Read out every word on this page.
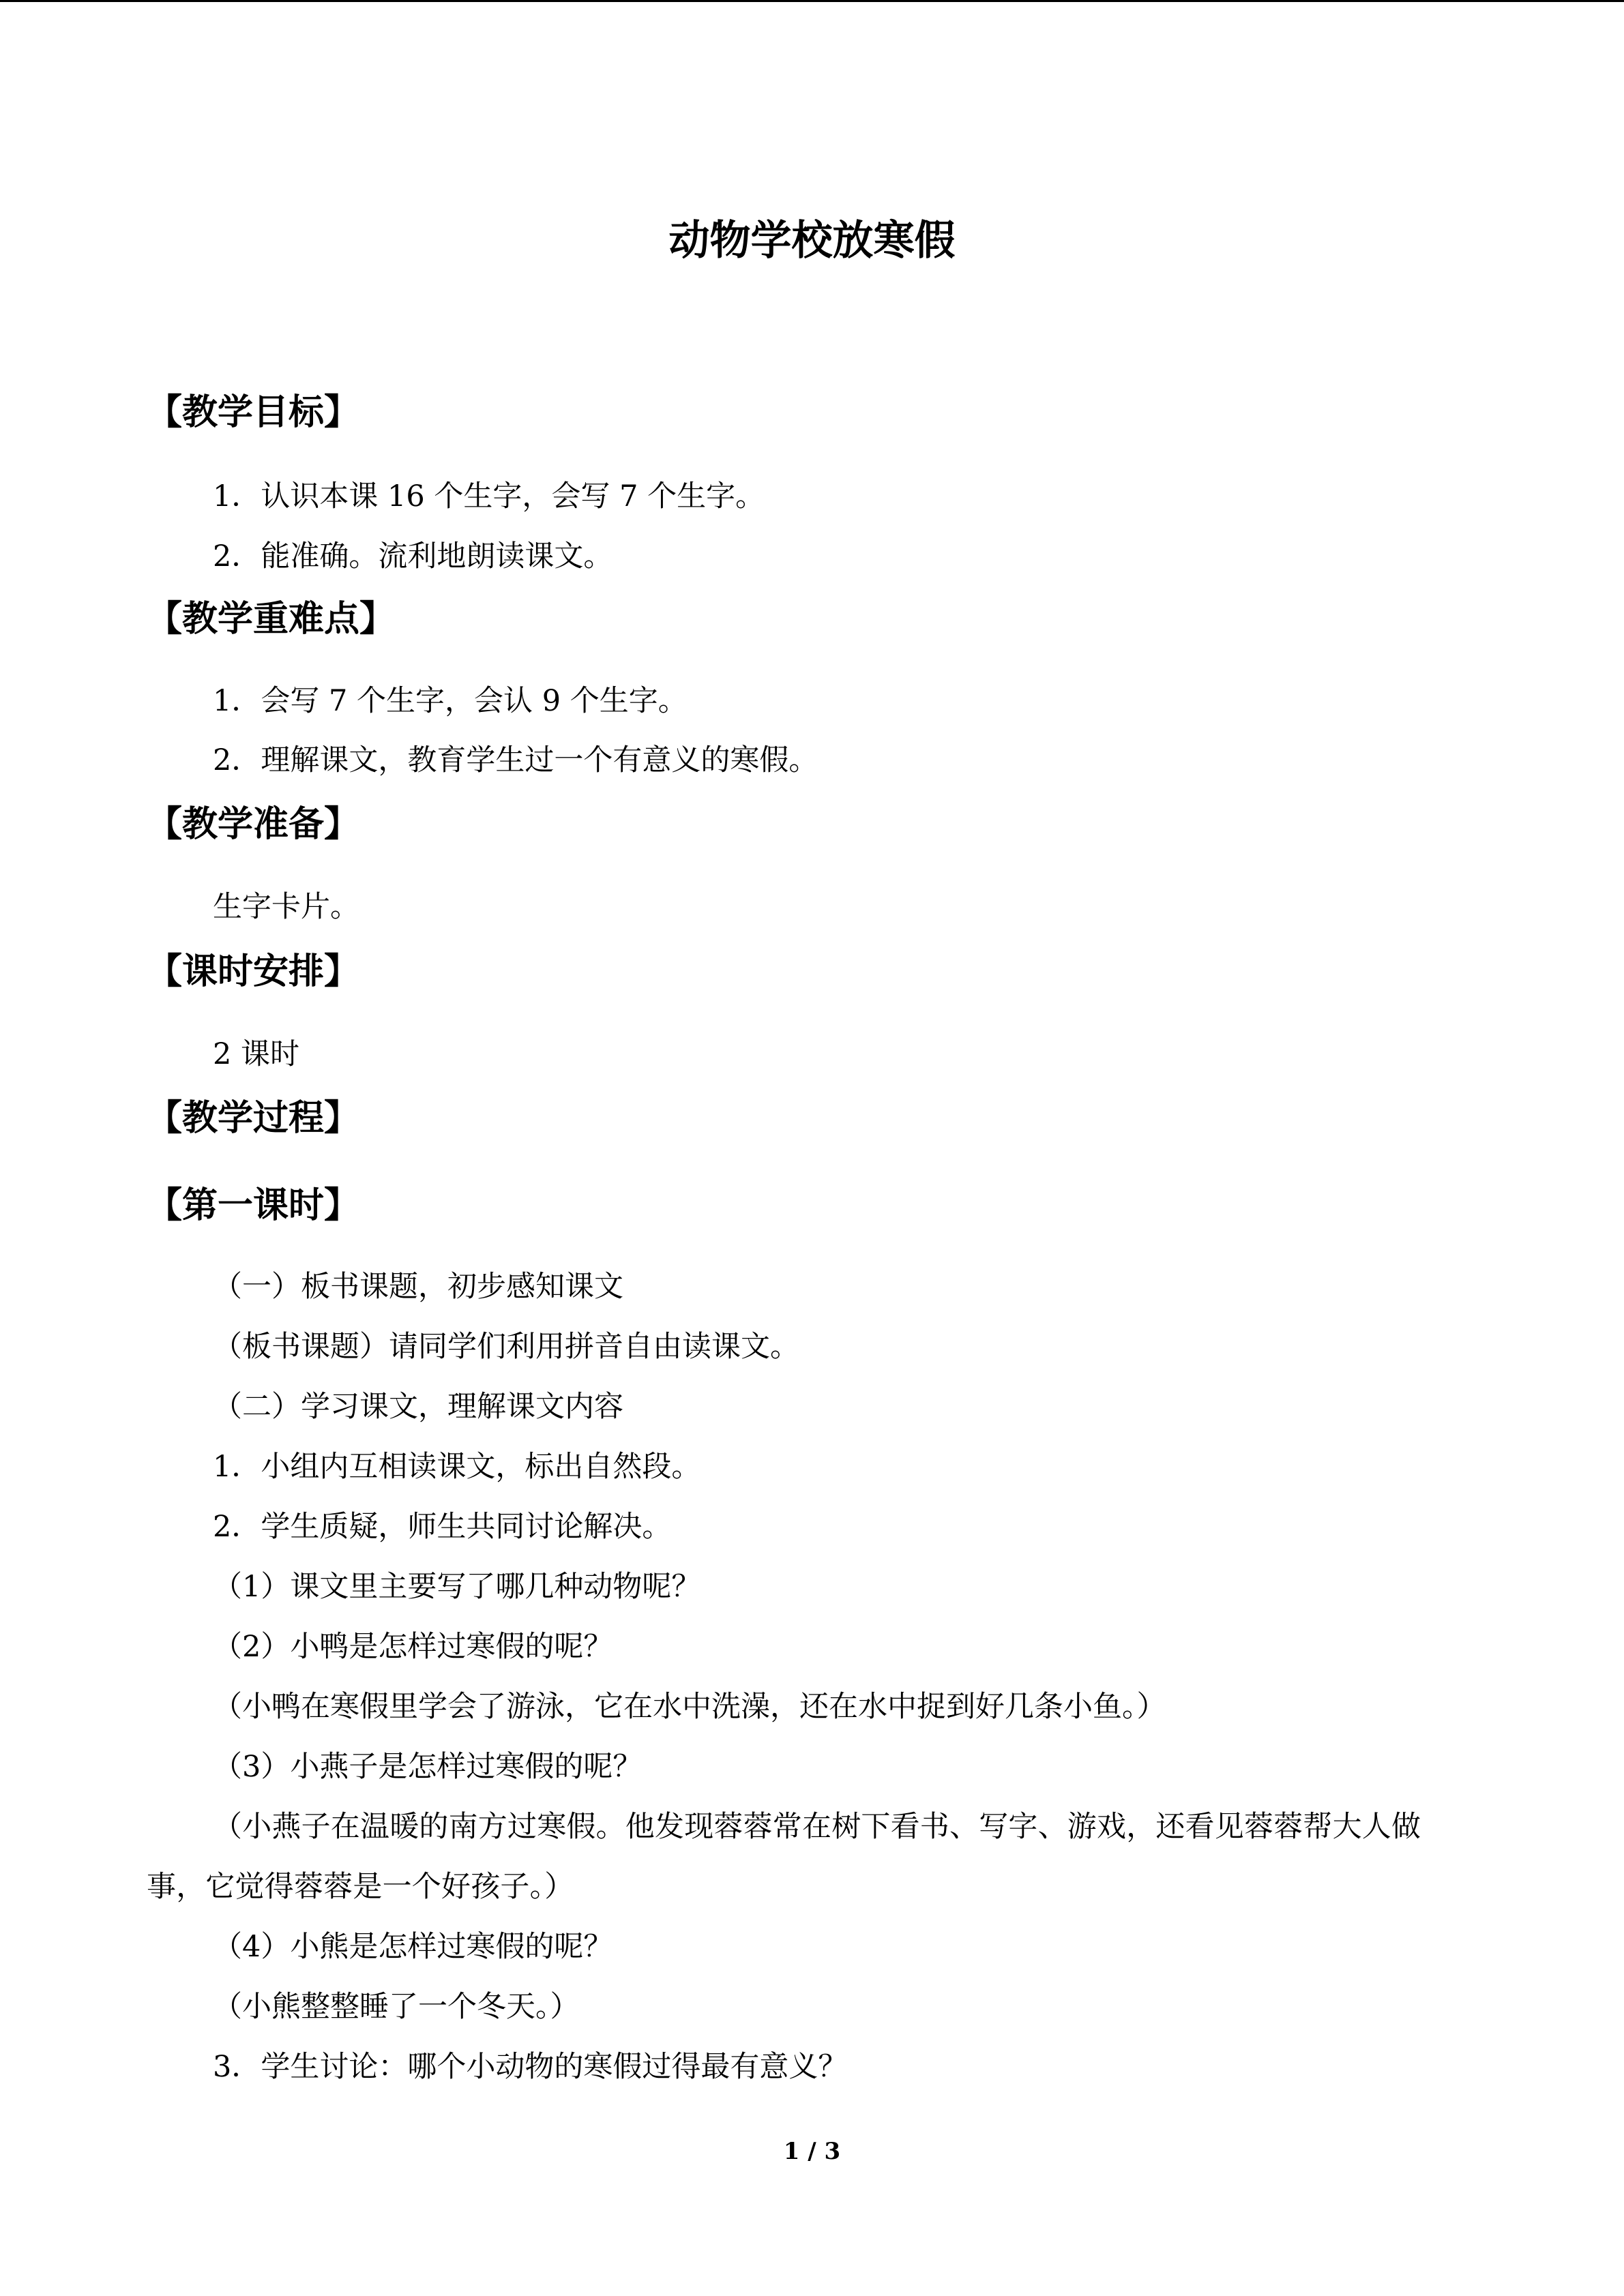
动物学校放寒假
【教学目标】

1．认识本课 16 个生字，会写 7 个生字。

2．能准确。流利地朗读课文。

【教学重难点】

1．会写 7 个生字，会认 9 个生字。

2．理解课文，教育学生过一个有意义的寒假。

【教学准备】

生字卡片。

【课时安排】

2 课时

【教学过程】
【第一课时】

（一）板书课题，初步感知课文

（板书课题）请同学们利用拼音自由读课文。

（二）学习课文，理解课文内容

1．小组内互相读课文，标出自然段。

2．学生质疑，师生共同讨论解决。

（1）课文里主要写了哪几种动物呢？

（2）小鸭是怎样过寒假的呢？

（小鸭在寒假里学会了游泳，它在水中洗澡，还在水中捉到好几条小鱼。）

（3）小燕子是怎样过寒假的呢？

（小燕子在温暖的南方过寒假。他发现蓉蓉常在树下看书、写字、游戏，还看见蓉蓉帮大人做事，它觉得蓉蓉是一个好孩子。）

（4）小熊是怎样过寒假的呢？

（小熊整整睡了一个冬天。）

3．学生讨论：哪个小动物的寒假过得最有意义？

1 / 3
